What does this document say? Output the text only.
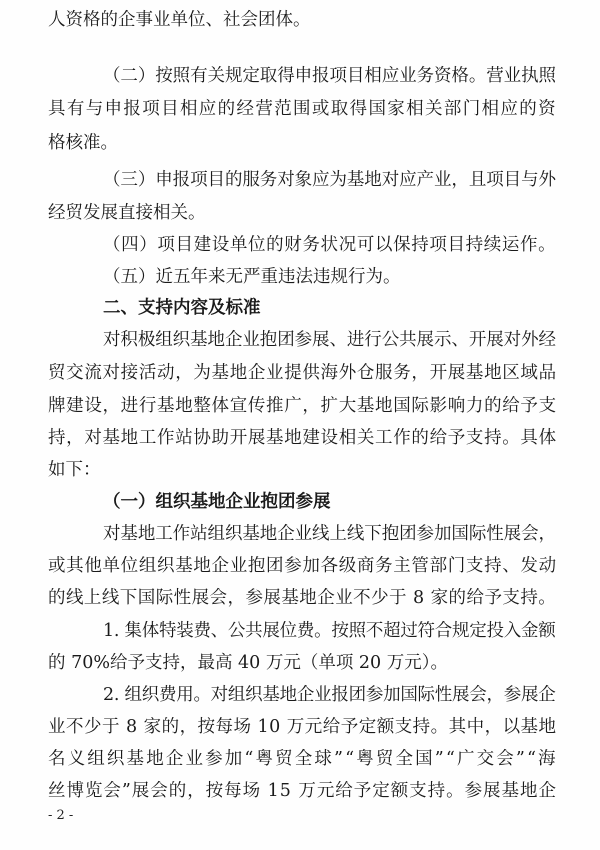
人资格的企事业单位、社会团体。
（二）按照有关规定取得申报项目相应业务资格。营业执照
具有与申报项目相应的经营范围或取得国家相关部门相应的资
格核准。
（三）申报项目的服务对象应为基地对应产业，且项目与外
经贸发展直接相关。
（四）项目建设单位的财务状况可以保持项目持续运作。
（五）近五年来无严重违法违规行为。
二、支持内容及标准
对积极组织基地企业抱团参展、进行公共展示、开展对外经
贸交流对接活动，为基地企业提供海外仓服务，开展基地区域品
牌建设，进行基地整体宣传推广，扩大基地国际影响力的给予支
持，对基地工作站协助开展基地建设相关工作的给予支持。具体
如下：
（一）组织基地企业抱团参展
对基地工作站组织基地企业线上线下抱团参加国际性展会，
或其他单位组织基地企业抱团参加各级商务主管部门支持、发动
的线上线下国际性展会，参展基地企业不少于 8 家的给予支持。
1. 集体特装费、公共展位费。按照不超过符合规定投入金额
的 70%给予支持，最高 40 万元（单项 20 万元）。
2. 组织费用。对组织基地企业报团参加国际性展会，参展企
业不少于 8 家的，按每场 10 万元给予定额支持。其中，以基地
名义组织基地企业参加“粤贸全球”“粤贸全国”“广交会”“海
丝博览会”展会的，按每场 15 万元给予定额支持。参展基地企
- 2 -
